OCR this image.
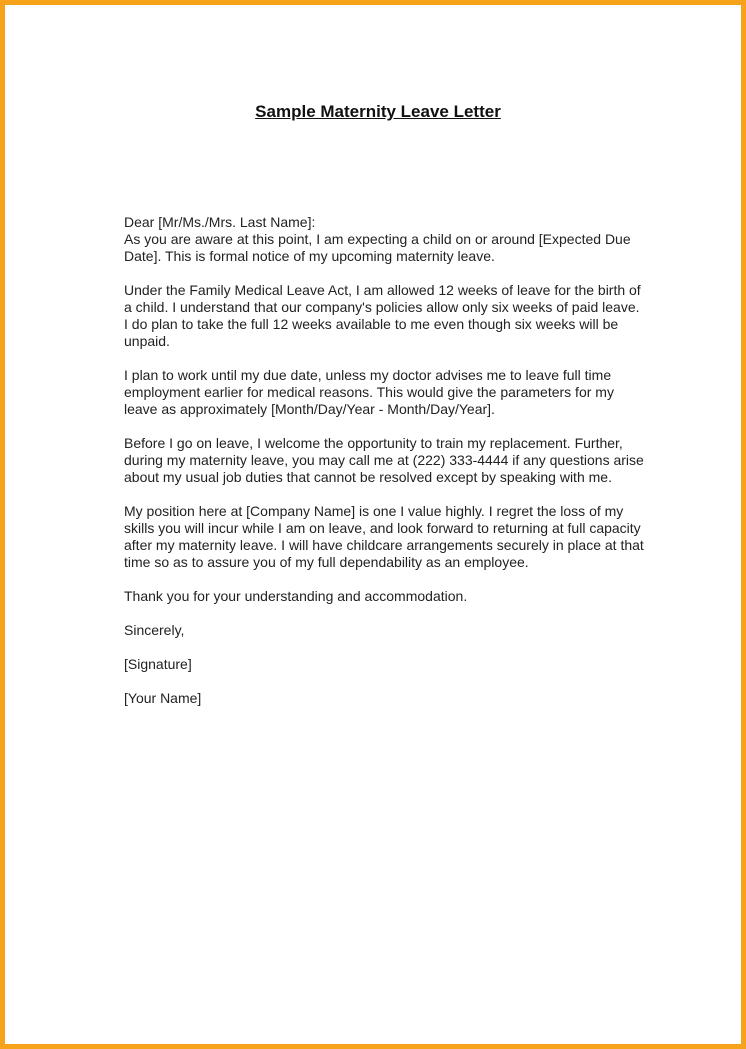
Sample Maternity Leave Letter

Dear [Mr/Ms./Mrs. Last Name]:

As you are aware at this point, I am expecting a child on or around [Expected Due Date]. This is formal notice of my upcoming maternity leave.

Under the Family Medical Leave Act, I am allowed 12 weeks of leave for the birth of a child. I understand that our company's policies allow only six weeks of paid leave. I do plan to take the full 12 weeks available to me even though six weeks will be unpaid.

I plan to work until my due date, unless my doctor advises me to leave full time employment earlier for medical reasons. This would give the parameters for my leave as approximately [Month/Day/Year - Month/Day/Year].

Before I go on leave, I welcome the opportunity to train my replacement. Further, during my maternity leave, you may call me at (222) 333-4444 if any questions arise about my usual job duties that cannot be resolved except by speaking with me.

My position here at [Company Name] is one I value highly. I regret the loss of my skills you will incur while I am on leave, and look forward to returning at full capacity after my maternity leave. I will have childcare arrangements securely in place at that time so as to assure you of my full dependability as an employee.

Thank you for your understanding and accommodation.

Sincerely,

[Signature]

[Your Name]
